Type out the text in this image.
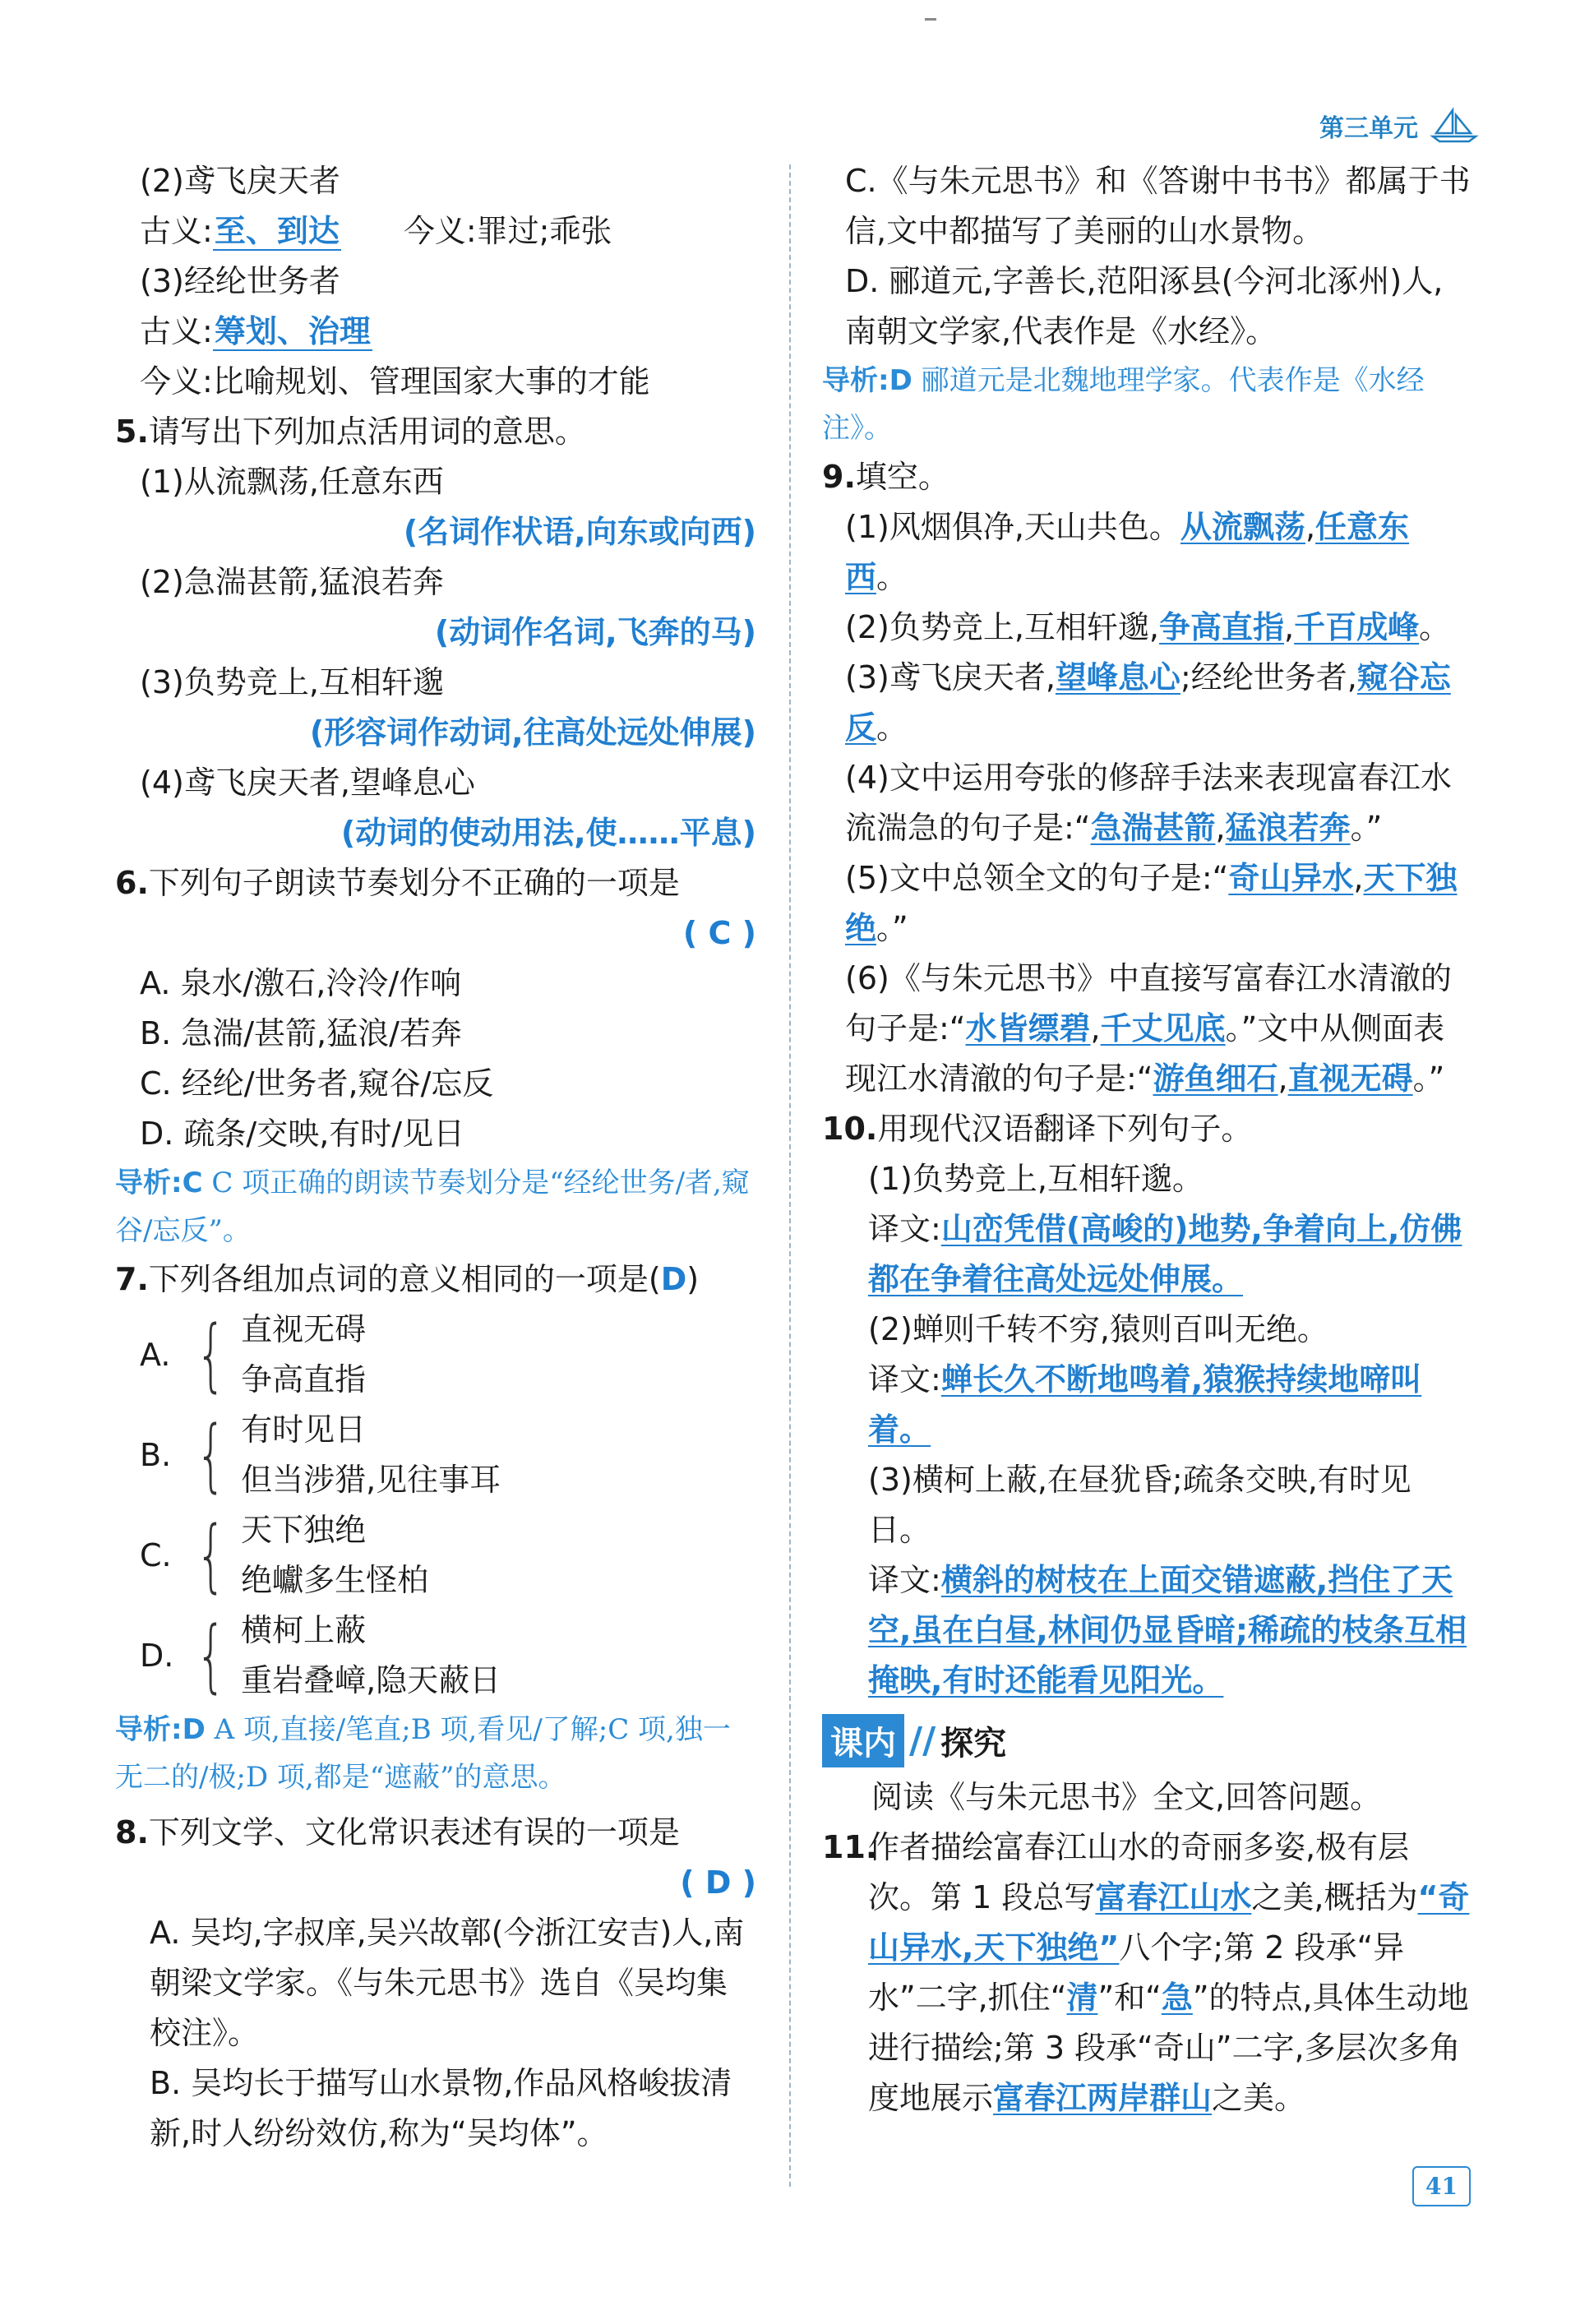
第三单元
(2)鸢飞戾天者
古义:至、到达　　今义:罪过;乖张
(3)经纶世务者
古义:筹划、治理
今义:比喻规划、管理国家大事的才能
5.请写出下列加点活用词的意思。
(1)从流飘荡,任意东西
(名词作状语,向东或向西)
(2)急湍甚箭,猛浪若奔
(动词作名词,飞奔的马)
(3)负势竞上,互相轩邈
(形容词作动词,往高处远处伸展)
(4)鸢飞戾天者,望峰息心
(动词的使动用法,使……平息)
6.下列句子朗读节奏划分不正确的一项是
( C )
A. 泉水/激石,泠泠/作响
B. 急湍/甚箭,猛浪/若奔
C. 经纶/世务者,窥谷/忘反
D. 疏条/交映,有时/见日
导析:C C 项正确的朗读节奏划分是“经纶世务/者,窥谷/忘反”。
7.下列各组加点词的意义相同的一项是(D)
A. { 直视无碍
争高直指
B. { 有时见日
但当涉猎,见往事耳
C. { 天下独绝
绝巘多生怪柏
D. { 横柯上蔽
重岩叠嶂,隐天蔽日
导析:D A 项,直接/笔直;B 项,看见/了解;C 项,独一无二的/极;D 项,都是“遮蔽”的意思。
8.下列文学、文化常识表述有误的一项是
( D )
A. 吴均,字叔庠,吴兴故鄣(今浙江安吉)人,南朝梁文学家。《与朱元思书》选自《吴均集校注》。
B. 吴均长于描写山水景物,作品风格峻拔清新,时人纷纷效仿,称为“吴均体”。
C.《与朱元思书》和《答谢中书书》都属于书信,文中都描写了美丽的山水景物。
D. 郦道元,字善长,范阳涿县(今河北涿州)人,南朝文学家,代表作是《水经》。
导析:D 郦道元是北魏地理学家。代表作是《水经注》。
9.填空。
(1)风烟俱净,天山共色。从流飘荡,任意东西。
(2)负势竞上,互相轩邈,争高直指,千百成峰。
(3)鸢飞戾天者,望峰息心;经纶世务者,窥谷忘反。
(4)文中运用夸张的修辞手法来表现富春江水流湍急的句子是:“急湍甚箭,猛浪若奔。”
(5)文中总领全文的句子是:“奇山异水,天下独绝。”
(6)《与朱元思书》中直接写富春江水清澈的句子是:“水皆缥碧,千丈见底。”文中从侧面表现江水清澈的句子是:“游鱼细石,直视无碍。”
10.用现代汉语翻译下列句子。
(1)负势竞上,互相轩邈。
译文:山峦凭借(高峻的)地势,争着向上,仿佛都在争着往高处远处伸展。
(2)蝉则千转不穷,猿则百叫无绝。
译文:蝉长久不断地鸣着,猿猴持续地啼叫着。
(3)横柯上蔽,在昼犹昏;疏条交映,有时见日。
译文:横斜的树枝在上面交错遮蔽,挡住了天空,虽在白昼,林间仍显昏暗;稀疏的枝条互相掩映,有时还能看见阳光。
课内 // 探究
阅读《与朱元思书》全文,回答问题。
11.
作者描绘富春江山水的奇丽多姿,极有层次。第 1 段总写富春江山水之美,概括为“奇山异水,天下独绝”八个字;第 2 段承“异水”二字,抓住“清”和“急”的特点,具体生动地进行描绘;第 3 段承“奇山”二字,多层次多角度地展示富春江两岸群山之美。
41
